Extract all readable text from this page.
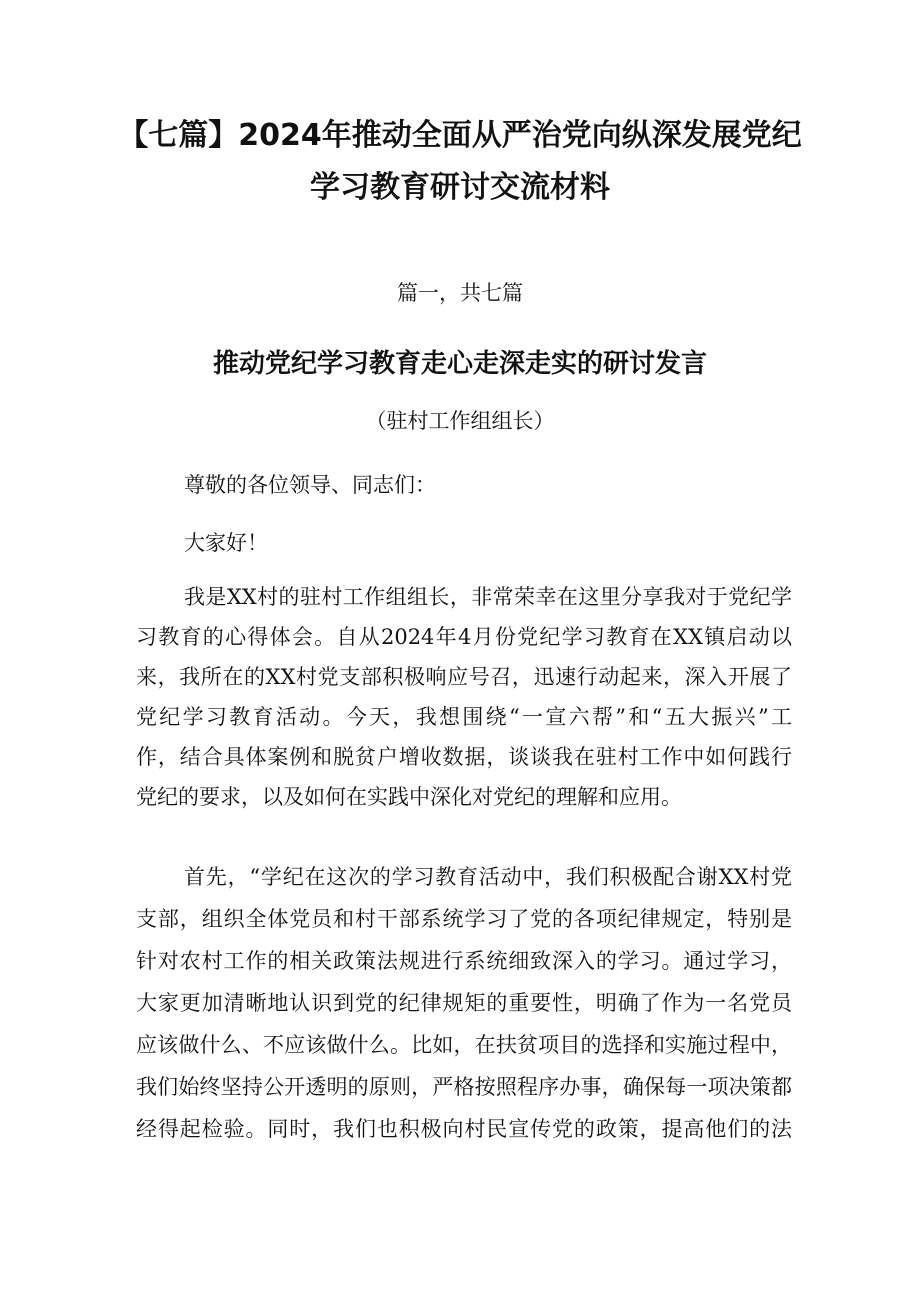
【七篇】2024年推动全面从严治党向纵深发展党纪
学习教育研讨交流材料

篇一，共七篇

推动党纪学习教育走心走深走实的研讨发言

（驻村工作组组长）

尊敬的各位领导、同志们：

大家好！

我是XX村的驻村工作组组长，非常荣幸在这里分享我对于党纪学

习教育的心得体会。自从2024年4月份党纪学习教育在XX镇启动以

来，我所在的XX村党支部积极响应号召，迅速行动起来，深入开展了

党纪学习教育活动。今天，我想围绕“一宣六帮”和“五大振兴”工

作，结合具体案例和脱贫户增收数据，谈谈我在驻村工作中如何践行

党纪的要求，以及如何在实践中深化对党纪的理解和应用。

首先，“学纪在这次的学习教育活动中，我们积极配合谢XX村党

支部，组织全体党员和村干部系统学习了党的各项纪律规定，特别是

针对农村工作的相关政策法规进行系统细致深入的学习。通过学习，

大家更加清晰地认识到党的纪律规矩的重要性，明确了作为一名党员

应该做什么、不应该做什么。比如，在扶贫项目的选择和实施过程中，

我们始终坚持公开透明的原则，严格按照程序办事，确保每一项决策都

经得起检验。同时，我们也积极向村民宣传党的政策，提高他们的法
